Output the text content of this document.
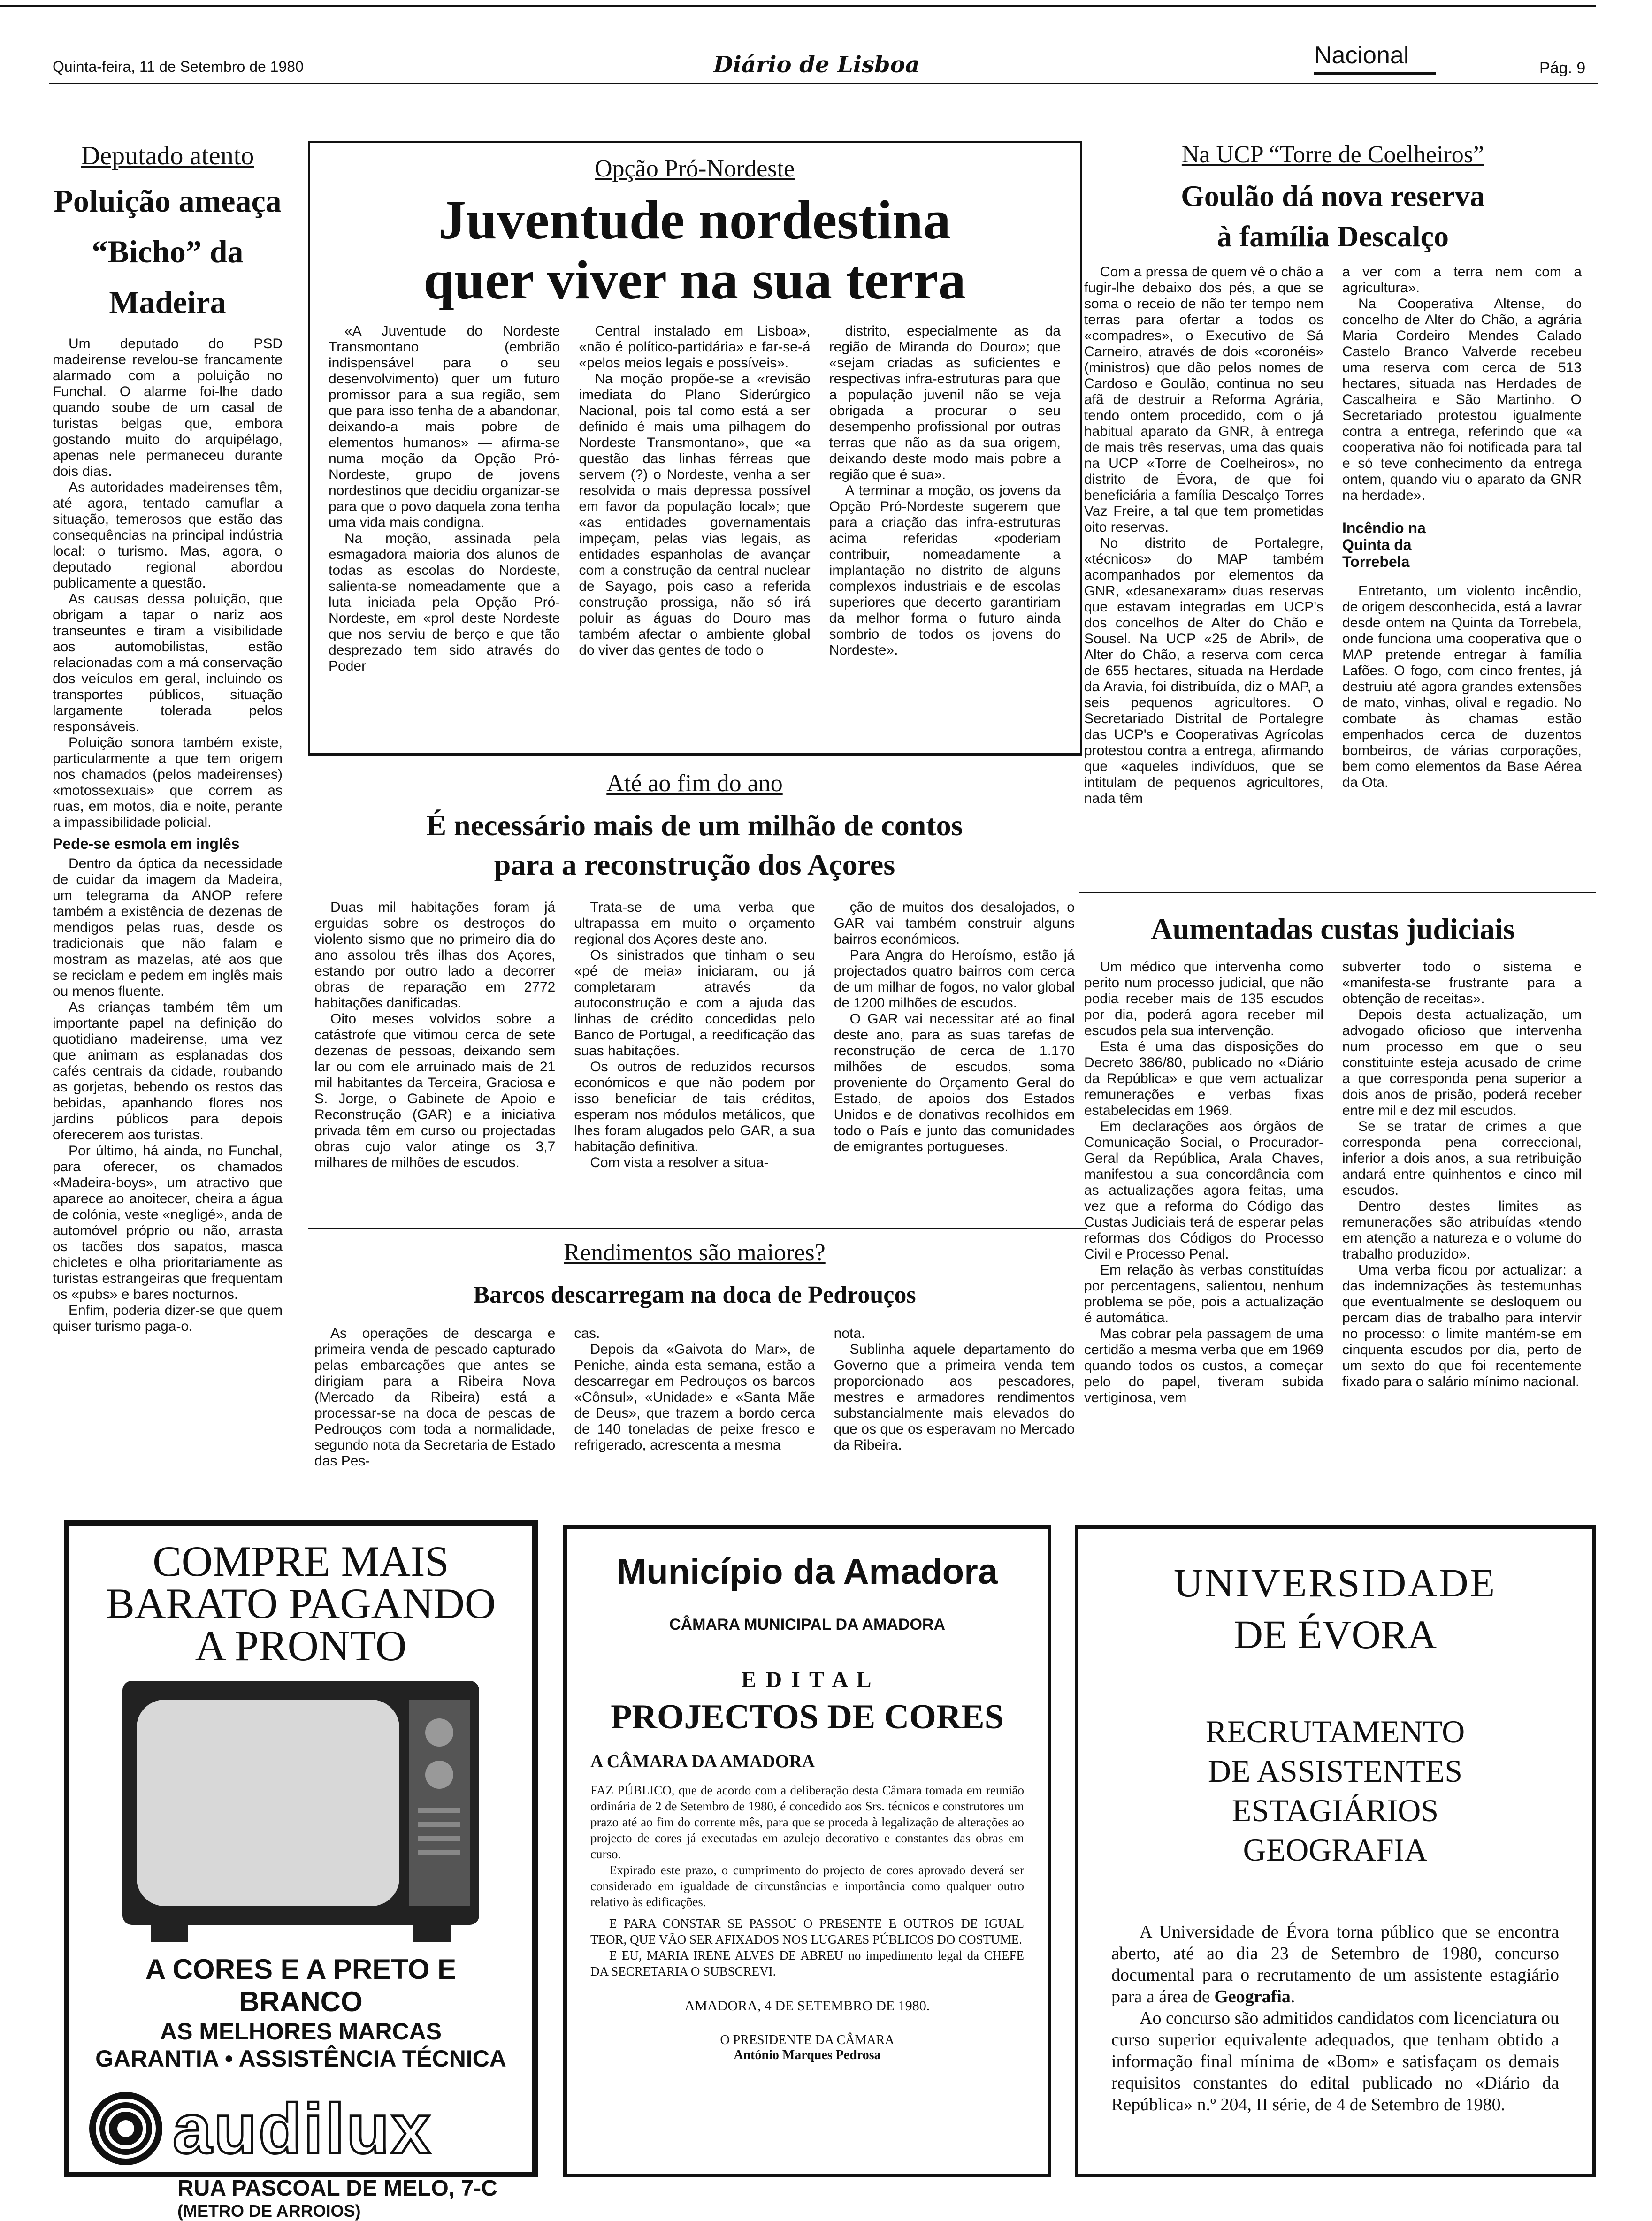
Quinta-feira, 11 de Setembro de 1980	Diário de Lisboa	Nacional	Pág. 9
Deputado atento
Poluição ameaça “Bicho” da Madeira

Um deputado do PSD madeirense revelou-se francamente alarmado com a poluição no Funchal. O alarme foi-lhe dado quando soube de um casal de turistas belgas que, embora gostando muito do arquipélago, apenas nele permaneceu durante dois dias.

As autoridades madeirenses têm, até agora, tentado camuflar a situação, temerosos que estão das consequências na principal indústria local: o turismo. Mas, agora, o deputado regional abordou publicamente a questão.

As causas dessa poluição, que obrigam a tapar o nariz aos transeuntes e tiram a visibilidade aos automobilistas, estão relacionadas com a má conservação dos veículos em geral, incluindo os transportes públicos, situação largamente tolerada pelos responsáveis.

Poluição sonora também existe, particularmente a que tem origem nos chamados (pelos madeirenses) «motossexuais» que correm as ruas, em motos, dia e noite, perante a impassibilidade policial.

Pede-se esmola em inglês

Dentro da óptica da necessidade de cuidar da imagem da Madeira, um telegrama da ANOP refere também a existência de dezenas de mendigos pelas ruas, desde os tradicionais que não falam e mostram as mazelas, até aos que se reciclam e pedem em inglês mais ou menos fluente.

As crianças também têm um importante papel na definição do quotidiano madeirense, uma vez que animam as esplanadas dos cafés centrais da cidade, roubando as gorjetas, bebendo os restos das bebidas, apanhando flores nos jardins públicos para depois oferecerem aos turistas.

Por último, há ainda, no Funchal, para oferecer, os chamados «Madeira-boys», um atractivo que aparece ao anoitecer, cheira a água de colónia, veste «negligé», anda de automóvel próprio ou não, arrasta os tacões dos sapatos, masca chicletes e olha prioritariamente as turistas estrangeiras que frequentam os «pubs» e bares nocturnos.

Enfim, poderia dizer-se que quem quiser turismo paga-o.

Opção Pró-Nordeste
Juventude nordestina
quer viver na sua terra

«A Juventude do Nordeste Transmontano (embrião indispensável para o seu desenvolvimento) quer um futuro promissor para a sua região, sem que para isso tenha de a abandonar, deixando-a mais pobre de elementos humanos» — afirma-se numa moção da Opção Pró-Nordeste, grupo de jovens nordestinos que decidiu organizar-se para que o povo daquela zona tenha uma vida mais condigna.

Na moção, assinada pela esmagadora maioria dos alunos de todas as escolas do Nordeste, salienta-se nomeadamente que a luta iniciada pela Opção Pró-Nordeste, em «prol deste Nordeste que nos serviu de berço e que tão desprezado tem sido através do Poder

Central instalado em Lisboa», «não é político-partidária» e far-se-á «pelos meios legais e possíveis».

Na moção propõe-se a «revisão imediata do Plano Siderúrgico Nacional, pois tal como está a ser definido é mais uma pilhagem do Nordeste Transmontano», que «a questão das linhas férreas que servem (?) o Nordeste, venha a ser resolvida o mais depressa possível em favor da população local»; que «as entidades governamentais impeçam, pelas vias legais, as entidades espanholas de avançar com a construção da central nuclear de Sayago, pois caso a referida construção prossiga, não só irá poluir as águas do Douro mas também afectar o ambiente global do viver das gentes de todo o

distrito, especialmente as da região de Miranda do Douro»; que «sejam criadas as suficientes e respectivas infra-estruturas para que a população juvenil não se veja obrigada a procurar o seu desempenho profissional por outras terras que não as da sua origem, deixando deste modo mais pobre a região que é sua».

A terminar a moção, os jovens da Opção Pró-Nordeste sugerem que para a criação das infra-estruturas acima referidas «poderiam contribuir, nomeadamente a implantação no distrito de alguns complexos industriais e de escolas superiores que decerto garantiriam da melhor forma o futuro ainda sombrio de todos os jovens do Nordeste».

Até ao fim do ano
É necessário mais de um milhão de contos
para a reconstrução dos Açores

Duas mil habitações foram já erguidas sobre os destroços do violento sismo que no primeiro dia do ano assolou três ilhas dos Açores, estando por outro lado a decorrer obras de reparação em 2772 habitações danificadas.

Oito meses volvidos sobre a catástrofe que vitimou cerca de sete dezenas de pessoas, deixando sem lar ou com ele arruinado mais de 21 mil habitantes da Terceira, Graciosa e S. Jorge, o Gabinete de Apoio e Reconstrução (GAR) e a iniciativa privada têm em curso ou projectadas obras cujo valor atinge os 3,7 milhares de milhões de escudos.

Trata-se de uma verba que ultrapassa em muito o orçamento regional dos Açores deste ano.

Os sinistrados que tinham o seu «pé de meia» iniciaram, ou já completaram através da autoconstrução e com a ajuda das linhas de crédito concedidas pelo Banco de Portugal, a reedificação das suas habitações.

Os outros de reduzidos recursos económicos e que não podem por isso beneficiar de tais créditos, esperam nos módulos metálicos, que lhes foram alugados pelo GAR, a sua habitação definitiva.

Com vista a resolver a situa-

ção de muitos dos desalojados, o GAR vai também construir alguns bairros económicos.

Para Angra do Heroísmo, estão já projectados quatro bairros com cerca de um milhar de fogos, no valor global de 1200 milhões de escudos.

O GAR vai necessitar até ao final deste ano, para as suas tarefas de reconstrução de cerca de 1.170 milhões de escudos, soma proveniente do Orçamento Geral do Estado, de apoios dos Estados Unidos e de donativos recolhidos em todo o País e junto das comunidades de emigrantes portugueses.

Rendimentos são maiores?
Barcos descarregam na doca de Pedrouços

As operações de descarga e primeira venda de pescado capturado pelas embarcações que antes se dirigiam para a Ribeira Nova (Mercado da Ribeira) está a processar-se na doca de pescas de Pedrouços com toda a normalidade, segundo nota da Secretaria de Estado das Pes-

cas.

Depois da «Gaivota do Mar», de Peniche, ainda esta semana, estão a descarregar em Pedrouços os barcos «Cônsul», «Unidade» e «Santa Mãe de Deus», que trazem a bordo cerca de 140 toneladas de peixe fresco e refrigerado, acrescenta a mesma

nota.

Sublinha aquele departamento do Governo que a primeira venda tem proporcionado aos pescadores, mestres e armadores rendimentos substancialmente mais elevados do que os que os esperavam no Mercado da Ribeira.

Na UCP “Torre de Coelheiros”
Goulão dá nova reserva
à família Descalço

Com a pressa de quem vê o chão a fugir-lhe debaixo dos pés, a que se soma o receio de não ter tempo nem terras para ofertar a todos os «compadres», o Executivo de Sá Carneiro, através de dois «coronéis» (ministros) que dão pelos nomes de Cardoso e Goulão, continua no seu afã de destruir a Reforma Agrária, tendo ontem procedido, com o já habitual aparato da GNR, à entrega de mais três reservas, uma das quais na UCP «Torre de Coelheiros», no distrito de Évora, de que foi beneficiária a família Descalço Torres Vaz Freire, a tal que tem prometidas oito reservas.

No distrito de Portalegre, «técnicos» do MAP também acompanhados por elementos da GNR, «desanexaram» duas reservas que estavam integradas em UCP's dos concelhos de Alter do Chão e Sousel. Na UCP «25 de Abril», de Alter do Chão, a reserva com cerca de 655 hectares, situada na Herdade da Aravia, foi distribuída, diz o MAP, a seis pequenos agricultores. O Secretariado Distrital de Portalegre das UCP's e Cooperativas Agrícolas protestou contra a entrega, afirmando que «aqueles indivíduos, que se intitulam de pequenos agricultores, nada têm

a ver com a terra nem com a agricultura».

Na Cooperativa Altense, do concelho de Alter do Chão, a agrária Maria Cordeiro Mendes Calado Castelo Branco Valverde recebeu uma reserva com cerca de 513 hectares, situada nas Herdades de Cascalheira e São Martinho. O Secretariado protestou igualmente contra a entrega, referindo que «a cooperativa não foi notificada para tal e só teve conhecimento da entrega ontem, quando viu o aparato da GNR na herdade».

Incêndio na Quinta da Torrebela

Entretanto, um violento incêndio, de origem desconhecida, está a lavrar desde ontem na Quinta da Torrebela, onde funciona uma cooperativa que o MAP pretende entregar à família Lafões. O fogo, com cinco frentes, já destruiu até agora grandes extensões de mato, vinhas, olival e regadio. No combate às chamas estão empenhados cerca de duzentos bombeiros, de várias corporações, bem como elementos da Base Aérea da Ota.

Aumentadas custas judiciais

Um médico que intervenha como perito num processo judicial, que não podia receber mais de 135 escudos por dia, poderá agora receber mil escudos pela sua intervenção.

Esta é uma das disposições do Decreto 386/80, publicado no «Diário da República» e que vem actualizar remunerações e verbas fixas estabelecidas em 1969.

Em declarações aos órgãos de Comunicação Social, o Procurador-Geral da República, Arala Chaves, manifestou a sua concordância com as actualizações agora feitas, uma vez que a reforma do Código das Custas Judiciais terá de esperar pelas reformas dos Códigos do Processo Civil e Processo Penal.

Em relação às verbas constituídas por percentagens, salientou, nenhum problema se põe, pois a actualização é automática.

Mas cobrar pela passagem de uma certidão a mesma verba que em 1969 quando todos os custos, a começar pelo do papel, tiveram subida vertiginosa, vem

subverter todo o sistema e «manifesta-se frustrante para a obtenção de receitas».

Depois desta actualização, um advogado oficioso que intervenha num processo em que o seu constituinte esteja acusado de crime a que corresponda pena superior a dois anos de prisão, poderá receber entre mil e dez mil escudos.

Se se tratar de crimes a que corresponda pena correccional, inferior a dois anos, a sua retribuição andará entre quinhentos e cinco mil escudos.

Dentro destes limites as remunerações são atribuídas «tendo em atenção a natureza e o volume do trabalho produzido».

Uma verba ficou por actualizar: a das indemnizações às testemunhas que eventualmente se desloquem ou percam dias de trabalho para intervir no processo: o limite mantém-se em cinquenta escudos por dia, perto de um sexto do que foi recentemente fixado para o salário mínimo nacional.

COMPRE MAIS
BARATO PAGANDO
A PRONTO
A CORES E A PRETO E BRANCO
AS MELHORES MARCAS
GARANTIA • ASSISTÊNCIA TÉCNICA
audilux
RUA PASCOAL DE MELO, 7-C
(METRO DE ARROIOS)
Município da Amadora
CÂMARA MUNICIPAL DA AMADORA
E D I T A L
PROJECTOS DE CORES
A CÂMARA DA AMADORA

FAZ PÚBLICO, que de acordo com a deliberação desta Câmara tomada em reunião ordinária de 2 de Setembro de 1980, é concedido aos Srs. técnicos e construtores um prazo até ao fim do corrente mês, para que se proceda à legalização de alterações ao projecto de cores já executadas em azulejo decorativo e constantes das obras em curso.

Expirado este prazo, o cumprimento do projecto de cores aprovado deverá ser considerado em igualdade de circunstâncias e importância como qualquer outro relativo às edificações.

E PARA CONSTAR SE PASSOU O PRESENTE E OUTROS DE IGUAL TEOR, QUE VÃO SER AFIXADOS NOS LUGARES PÚBLICOS DO COSTUME.

E EU, MARIA IRENE ALVES DE ABREU no impedimento legal da CHEFE DA SECRETARIA O SUBSCREVI.

AMADORA, 4 DE SETEMBRO DE 1980.
O PRESIDENTE DA CÂMARA
António Marques Pedrosa
UNIVERSIDADE
DE ÉVORA
RECRUTAMENTO
DE ASSISTENTES
ESTAGIÁRIOS
GEOGRAFIA

A Universidade de Évora torna público que se encontra aberto, até ao dia 23 de Setembro de 1980, concurso documental para o recrutamento de um assistente estagiário para a área de Geografia.

Ao concurso são admitidos candidatos com licenciatura ou curso superior equivalente adequados, que tenham obtido a informação final mínima de «Bom» e satisfaçam os demais requisitos constantes do edital publicado no «Diário da República» n.º 204, II série, de 4 de Setembro de 1980.
